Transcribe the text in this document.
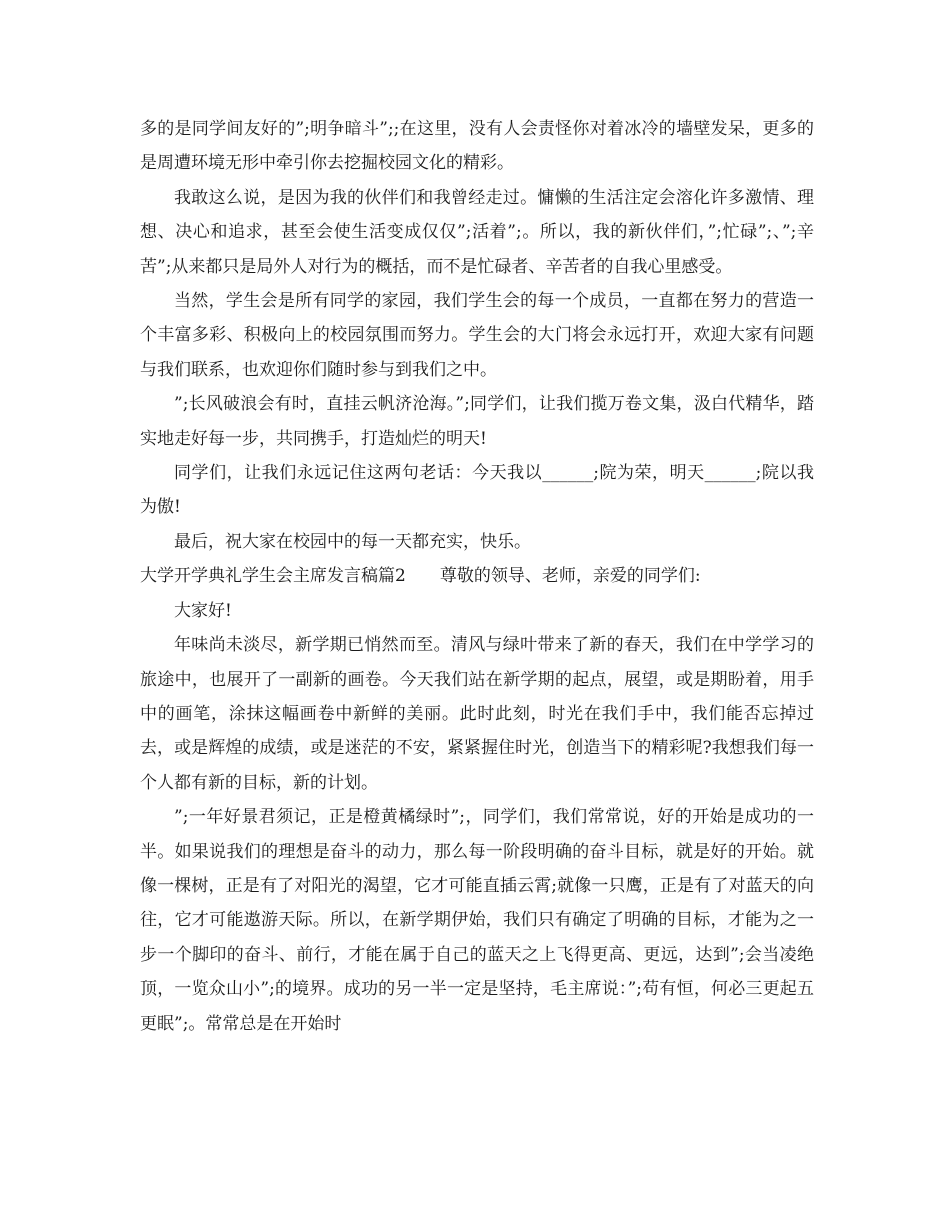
多的是同学间友好的”;明争暗斗”;;在这里，没有人会责怪你对着冰冷的墙壁发呆，更多的是周遭环境无形中牵引你去挖掘校园文化的精彩。

我敢这么说，是因为我的伙伴们和我曾经走过。慵懒的生活注定会溶化许多激情、理想、决心和追求，甚至会使生活变成仅仅”;活着”;。所以，我的新伙伴们，”;忙碌”;、”;辛苦”;从来都只是局外人对行为的概括，而不是忙碌者、辛苦者的自我心里感受。

当然，学生会是所有同学的家园，我们学生会的每一个成员，一直都在努力的营造一个丰富多彩、积极向上的校园氛围而努力。学生会的大门将会永远打开，欢迎大家有问题与我们联系，也欢迎你们随时参与到我们之中。

”;长风破浪会有时，直挂云帆济沧海。”;同学们，让我们揽万卷文集，汲白代精华，踏实地走好每一步，共同携手，打造灿烂的明天!

同学们，让我们永远记住这两句老话：今天我以______;院为荣，明天______;院以我为傲!

最后，祝大家在校园中的每一天都充实，快乐。

大学开学典礼学生会主席发言稿篇2 尊敬的领导、老师，亲爱的同学们:

大家好!

年味尚未淡尽，新学期已悄然而至。清风与绿叶带来了新的春天，我们在中学学习的旅途中，也展开了一副新的画卷。今天我们站在新学期的起点，展望，或是期盼着，用手中的画笔，涂抹这幅画卷中新鲜的美丽。此时此刻，时光在我们手中，我们能否忘掉过去，或是辉煌的成绩，或是迷茫的不安，紧紧握住时光，创造当下的精彩呢?我想我们每一个人都有新的目标，新的计划。

”;一年好景君须记，正是橙黄橘绿时”;，同学们，我们常常说，好的开始是成功的一半。如果说我们的理想是奋斗的动力，那么每一阶段明确的奋斗目标，就是好的开始。就像一棵树，正是有了对阳光的渴望，它才可能直插云霄;就像一只鹰，正是有了对蓝天的向往，它才可能遨游天际。所以，在新学期伊始，我们只有确定了明确的目标，才能为之一步一个脚印的奋斗、前行，才能在属于自己的蓝天之上飞得更高、更远，达到”;会当凌绝顶，一览众山小”;的境界。成功的另一半一定是坚持，毛主席说：”;苟有恒，何必三更起五更眠”;。常常总是在开始时
